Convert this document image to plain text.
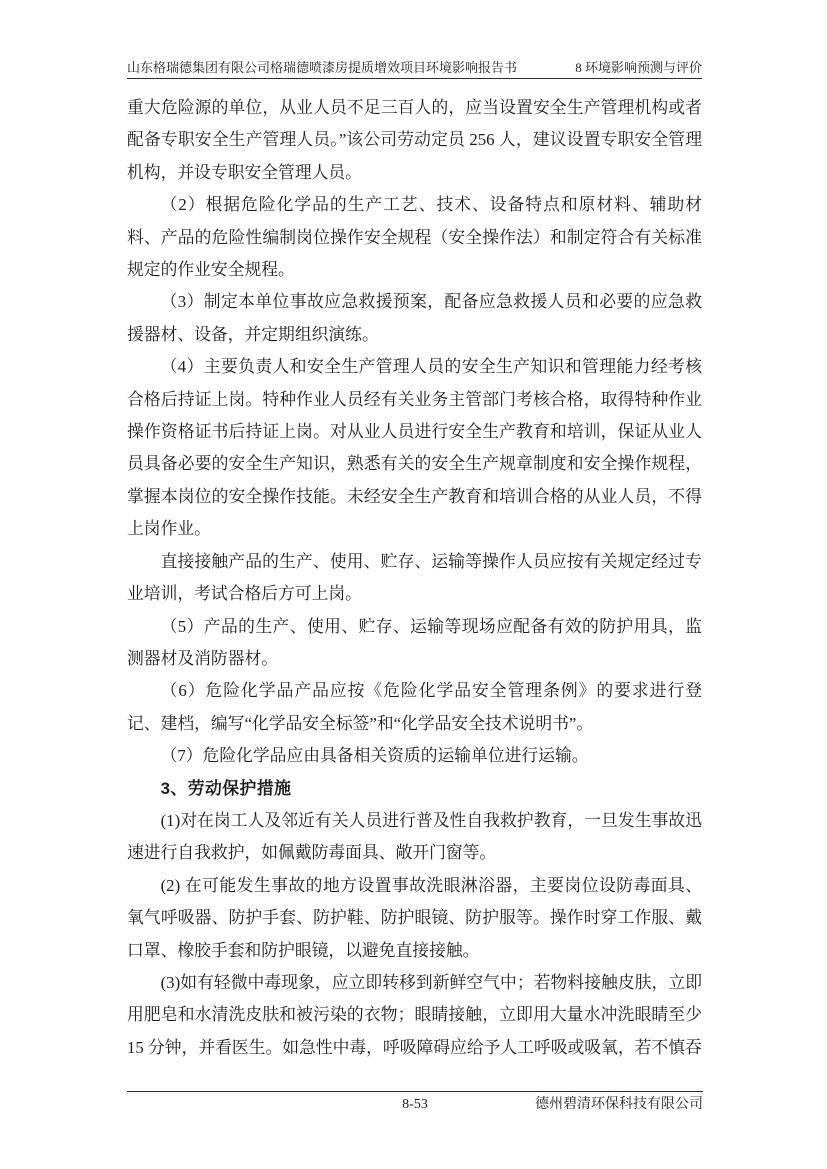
山东格瑞德集团有限公司格瑞德喷漆房提质增效项目环境影响报告书	8 环境影响预测与评价

重大危险源的单位，从业人员不足三百人的，应当设置安全生产管理机构或者配备专职安全生产管理人员。”该公司劳动定员 256 人，建议设置专职安全管理机构，并设专职安全管理人员。

（2）根据危险化学品的生产工艺、技术、设备特点和原材料、辅助材料、产品的危险性编制岗位操作安全规程（安全操作法）和制定符合有关标准规定的作业安全规程。

（3）制定本单位事故应急救援预案，配备应急救援人员和必要的应急救援器材、设备，并定期组织演练。

（4）主要负责人和安全生产管理人员的安全生产知识和管理能力经考核合格后持证上岗。特种作业人员经有关业务主管部门考核合格，取得特种作业操作资格证书后持证上岗。对从业人员进行安全生产教育和培训，保证从业人员具备必要的安全生产知识，熟悉有关的安全生产规章制度和安全操作规程，掌握本岗位的安全操作技能。未经安全生产教育和培训合格的从业人员，不得上岗作业。

直接接触产品的生产、使用、贮存、运输等操作人员应按有关规定经过专业培训，考试合格后方可上岗。

（5）产品的生产、使用、贮存、运输等现场应配备有效的防护用具，监测器材及消防器材。

（6）危险化学品产品应按《危险化学品安全管理条例》的要求进行登记、建档，编写“化学品安全标签”和“化学品安全技术说明书”。

（7）危险化学品应由具备相关资质的运输单位进行运输。

3、劳动保护措施

(1)对在岗工人及邻近有关人员进行普及性自我救护教育，一旦发生事故迅速进行自我救护，如佩戴防毒面具、敞开门窗等。

(2) 在可能发生事故的地方设置事故洗眼淋浴器，主要岗位设防毒面具、氧气呼吸器、防护手套、防护鞋、防护眼镜、防护服等。操作时穿工作服、戴口罩、橡胶手套和防护眼镜，以避免直接接触。

(3)如有轻微中毒现象，应立即转移到新鲜空气中；若物料接触皮肤，立即用肥皂和水清洗皮肤和被污染的衣物；眼睛接触，立即用大量水冲洗眼睛至少 15 分钟，并看医生。如急性中毒，呼吸障碍应给予人工呼吸或吸氧，若不慎吞

8-53	德州碧清环保科技有限公司
